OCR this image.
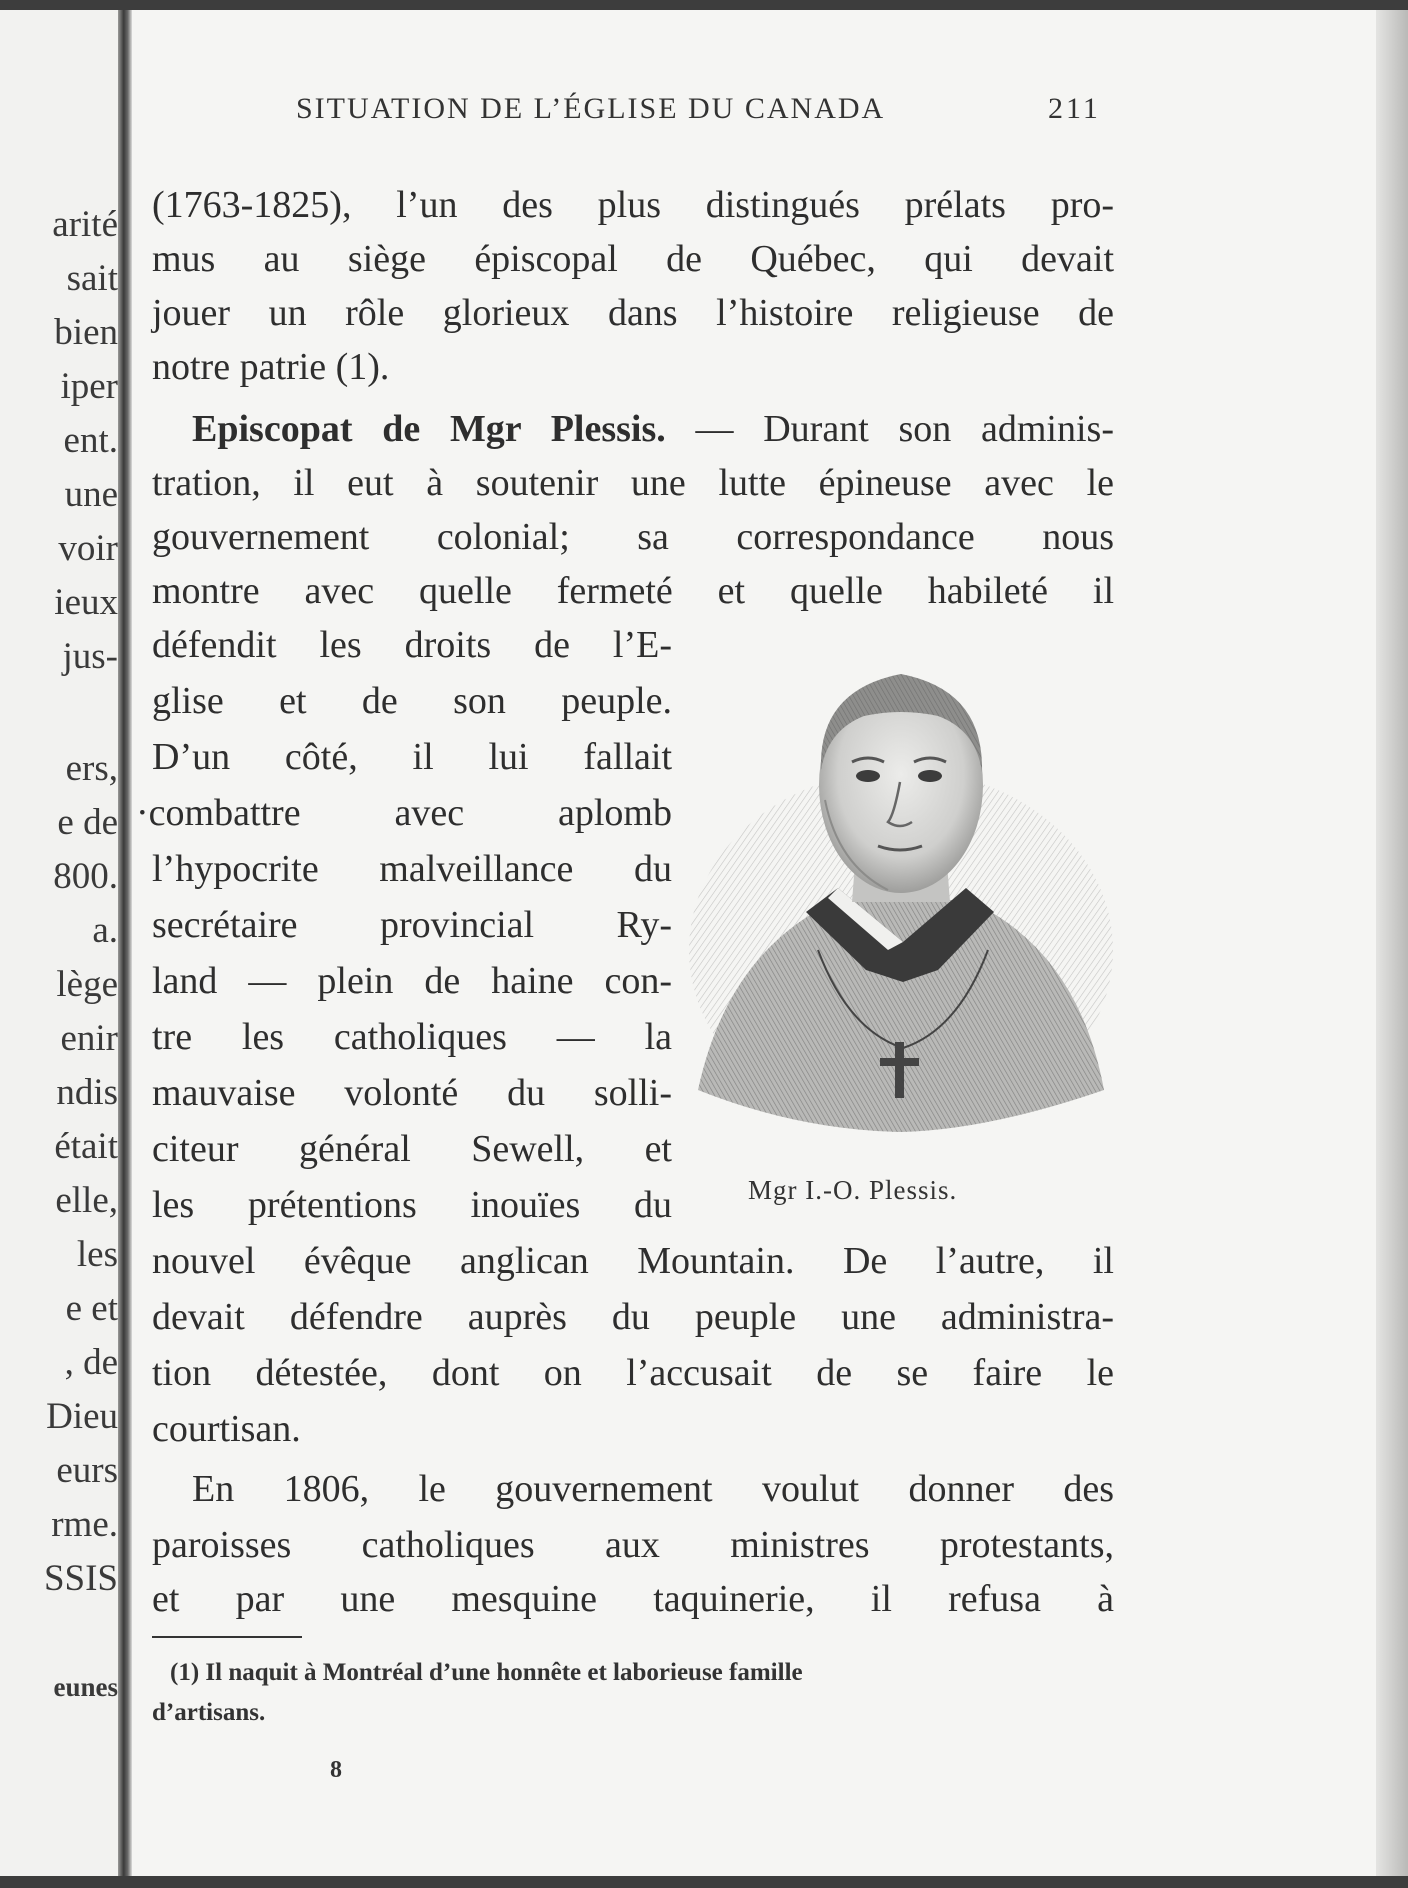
arité
sait
bien
iper
ent.
une
voir
ieux
jus-
ers,
e de
800.
a.
lège
enir
ndis
était
elle,
les
e et
, de
Dieu
eurs
rme.
SSIS
eunes
SITUATION DE L’ÉGLISE DU CANADA	211
(1763-1825), l’un des plus distingués prélats pro-
mus au siège épiscopal de Québec, qui devait
jouer un rôle glorieux dans l’histoire religieuse de
notre patrie (1).
Episcopat de Mgr Plessis. — Durant son adminis-
tration, il eut à soutenir une lutte épineuse avec le
gouvernement colonial; sa correspondance nous
montre avec quelle fermeté et quelle habileté il
défendit les droits de l’E-
glise et de son peuple.
D’un côté, il lui fallait
·combattre avec aplomb
l’hypocrite malveillance du
secrétaire provincial Ry-
land — plein de haine con-
tre les catholiques — la
mauvaise volonté du solli-
citeur général Sewell, et
les prétentions inouïes du	Mgr I.-O. Plessis.
nouvel évêque anglican Mountain. De l’autre, il
devait défendre auprès du peuple une administra-
tion détestée, dont on l’accusait de se faire le
courtisan.
En 1806, le gouvernement voulut donner des
paroisses catholiques aux ministres protestants,
et par une mesquine taquinerie, il refusa à
(1) Il naquit à Montréal d’une honnête et laborieuse famille
d’artisans.
8
